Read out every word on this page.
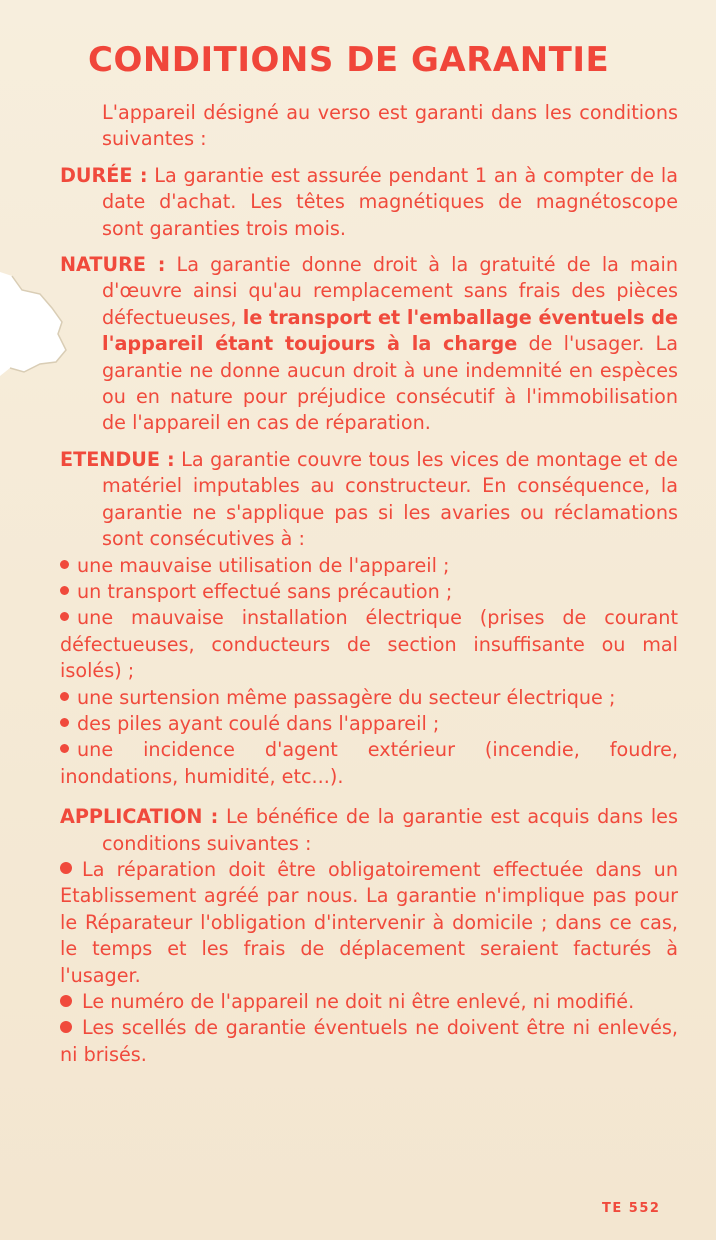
CONDITIONS DE GARANTIE

L'appareil désigné au verso est garanti dans les conditions suivantes :

DURÉE : La garantie est assurée pendant 1 an à compter de la date d'achat. Les têtes magnétiques de magnétoscope sont garanties trois mois.

NATURE : La garantie donne droit à la gratuité de la main d'œuvre ainsi qu'au remplacement sans frais des pièces défectueuses, le transport et l'emballage éventuels de l'appareil étant toujours à la charge de l'usager. La garantie ne donne aucun droit à une indemnité en espèces ou en nature pour préjudice consécutif à l'immobilisation de l'appareil en cas de réparation.

ETENDUE : La garantie couvre tous les vices de montage et de matériel imputables au constructeur. En conséquence, la garantie ne s'applique pas si les avaries ou réclamations sont consécutives à :

une mauvaise utilisation de l'appareil ;

un transport effectué sans précaution ;

une mauvaise installation électrique (prises de courant défectueuses, conducteurs de section insuffisante ou mal isolés) ;

une surtension même passagère du secteur électrique ;

des piles ayant coulé dans l'appareil ;

une incidence d'agent extérieur (incendie, foudre, inondations, humidité, etc...).

APPLICATION : Le bénéfice de la garantie est acquis dans les conditions suivantes :

La réparation doit être obligatoirement effectuée dans un Etablissement agréé par nous. La garantie n'implique pas pour le Réparateur l'obligation d'intervenir à domicile ; dans ce cas, le temps et les frais de déplacement seraient facturés à l'usager.

Le numéro de l'appareil ne doit ni être enlevé, ni modifié.

Les scellés de garantie éventuels ne doivent être ni enlevés, ni brisés.

TE 552
